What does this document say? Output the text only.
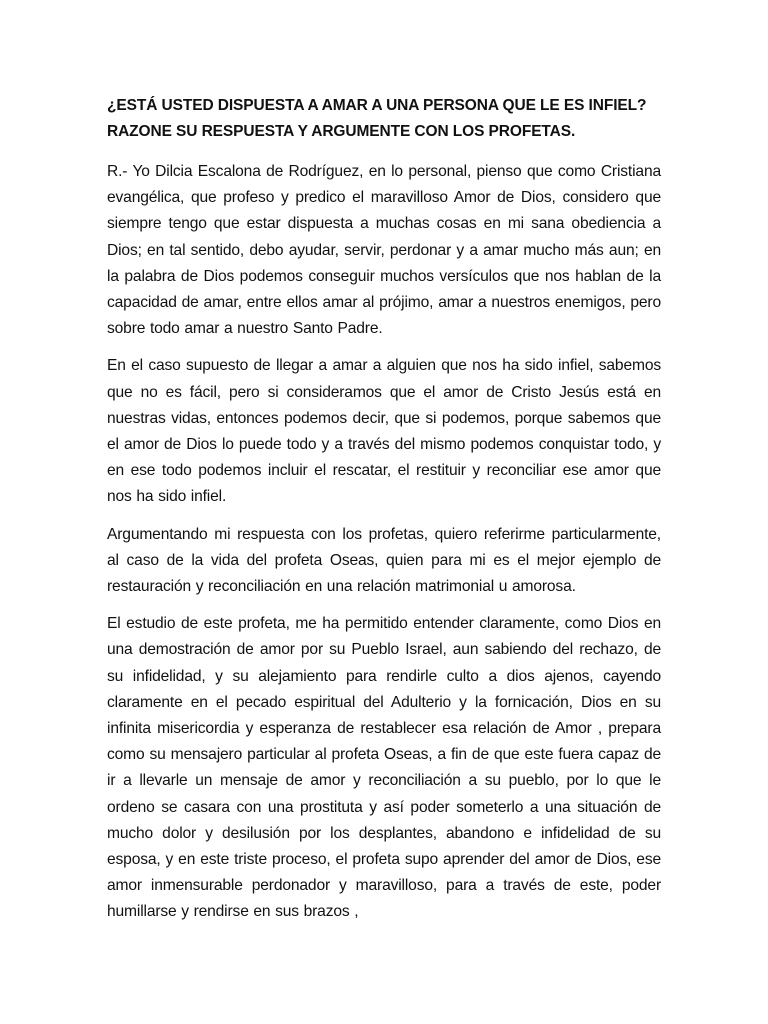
¿ESTÁ USTED DISPUESTA A AMAR A UNA PERSONA QUE LE ES INFIEL?
RAZONE SU RESPUESTA Y ARGUMENTE CON LOS PROFETAS.

R.- Yo Dilcia Escalona de Rodríguez, en lo personal, pienso que como Cristiana evangélica, que profeso y predico el maravilloso Amor de Dios, considero que siempre tengo que estar dispuesta a muchas cosas en mi sana obediencia a Dios; en tal sentido, debo ayudar, servir, perdonar y a amar mucho más aun; en la palabra de Dios podemos conseguir muchos versículos que nos hablan de la capacidad de amar, entre ellos amar al prójimo, amar a nuestros enemigos, pero sobre todo amar a nuestro Santo Padre.

En el caso supuesto de llegar a amar a alguien que nos ha sido infiel, sabemos que no es fácil, pero si consideramos que el amor de Cristo Jesús está en nuestras vidas, entonces podemos decir, que si podemos, porque sabemos que el amor de Dios lo puede todo y a través del mismo podemos conquistar todo, y en ese todo podemos incluir el rescatar, el restituir y reconciliar ese amor que nos ha sido infiel.

Argumentando mi respuesta con los profetas, quiero referirme particularmente, al caso de la vida del profeta Oseas, quien para mi es el mejor ejemplo de restauración y reconciliación en una relación matrimonial u amorosa.

El estudio de este profeta, me ha permitido entender claramente, como Dios en una demostración de amor por su Pueblo Israel, aun sabiendo del rechazo, de su infidelidad, y su alejamiento para rendirle culto a dios ajenos, cayendo claramente en el pecado espiritual del Adulterio y la fornicación, Dios en su infinita misericordia y esperanza de restablecer esa relación de Amor , prepara como su mensajero particular al profeta Oseas, a fin de que este fuera capaz de ir a llevarle un mensaje de amor y reconciliación a su pueblo, por lo que le ordeno se casara con una prostituta y así poder someterlo a una situación de mucho dolor y desilusión por los desplantes, abandono e infidelidad de su esposa, y en este triste proceso, el profeta supo aprender del amor de Dios, ese amor inmensurable perdonador y maravilloso, para a través de este, poder humillarse y rendirse en sus brazos ,
